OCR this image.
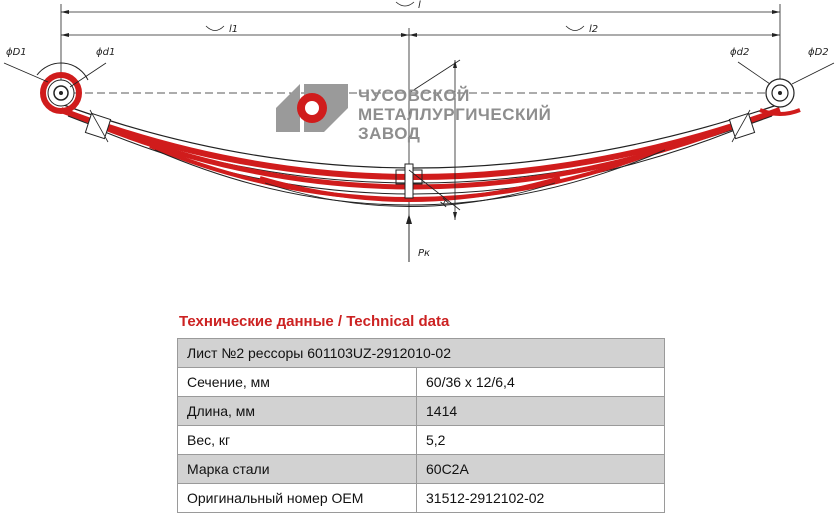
l
l1	l2
ϕD1	ϕd1	ϕd2	ϕD2
H
Pк
ЧУСОВСКОЙ
МЕТАЛЛУРГИЧЕСКИЙ
ЗАВОД
Технические данные / Technical data
Лист №2 рессоры 601103UZ-2912010-02	
Сечение, мм	60/36 x 12/6,4
Длина, мм	1414
Вес, кг	5,2
Марка стали	60С2А
Оригинальный номер OEM	31512-2912102-02
